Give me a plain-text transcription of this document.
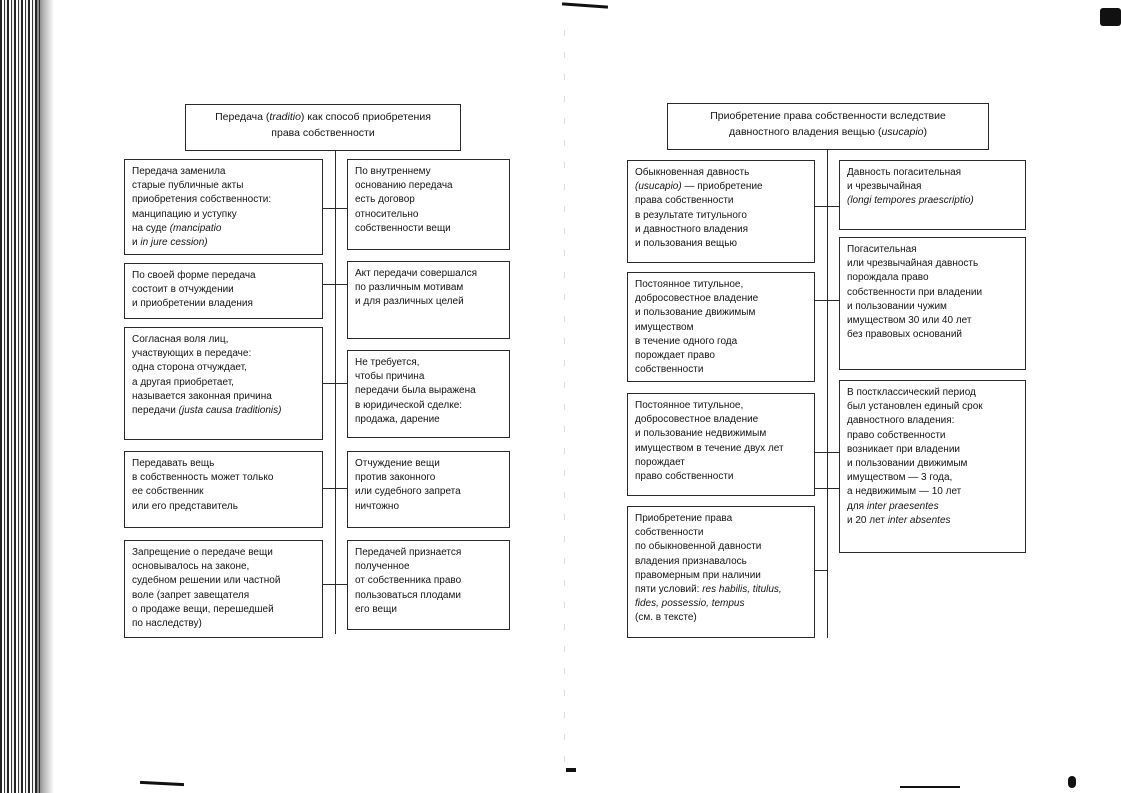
Передача (traditio) как способ приобретения
права собственности
Передача заменила
старые публичные акты
приобретения собственности:
манципацию и уступку
на суде (mancipatio
и in jure cession)
По своей форме передача
состоит в отчуждении
и приобретении владения
Согласная воля лиц,
участвующих в передаче:
одна сторона отчуждает,
а другая приобретает,
называется законная причина
передачи (justa causa traditionis)
Передавать вещь
в собственность может только
ее собственник
или его представитель
Запрещение о передаче вещи
основывалось на законе,
судебном решении или частной
воле (запрет завещателя
о продаже вещи, перешедшей
по наследству)
По внутреннему
основанию передача
есть договор
относительно
собственности вещи
Акт передачи совершался
по различным мотивам
и для различных целей
Не требуется,
чтобы причина
передачи была выражена
в юридической сделке:
продажа, дарение
Отчуждение вещи
против законного
или судебного запрета
ничтожно
Передачей признается
полученное
от собственника право
пользоваться плодами
его вещи
Приобретение права собственности вследствие
давностного владения вещью (usucapio)
Обыкновенная давность
(usucapio) — приобретение
права собственности
в результате титульного
и давностного владения
и пользования вещью
Постоянное титульное,
добросовестное владение
и пользование движимым
имуществом
в течение одного года
порождает право
собственности
Постоянное титульное,
добросовестное владение
и пользование недвижимым
имуществом в течение двух лет
порождает
право собственности
Приобретение права
собственности
по обыкновенной давности
владения признавалось
правомерным при наличии
пяти условий: res habilis, titulus,
fides, possessio, tempus
(см. в тексте)
Давность погасительная
и чрезвычайная
(longi tempores praescriptio)
Погасительная
или чрезвычайная давность
порождала право
собственности при владении
и пользовании чужим
имуществом 30 или 40 лет
без правовых оснований
В постклассический период
был установлен единый срок
давностного владения:
право собственности
возникает при владении
и пользовании движимым
имуществом — 3 года,
а недвижимым — 10 лет
для inter praesentes
и 20 лет inter absentes
